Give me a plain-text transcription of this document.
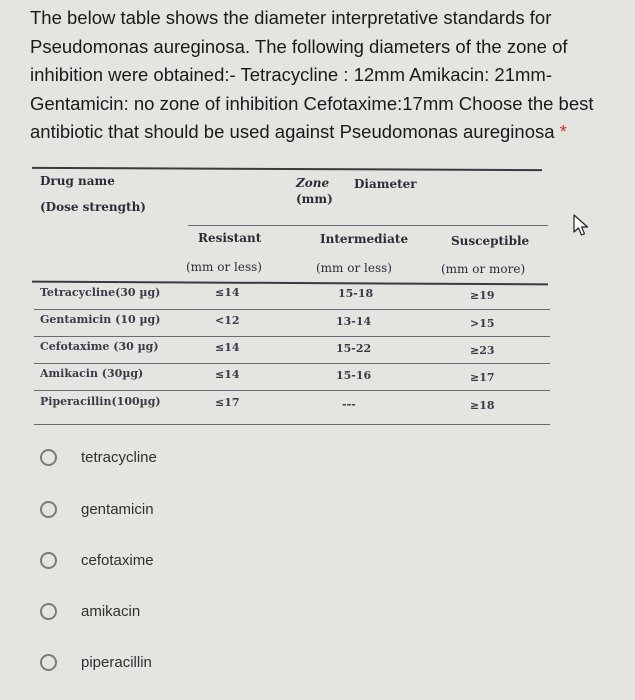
The below table shows the diameter interpretative standards for Pseudomonas aureginosa. The following diameters of the zone of inhibition were obtained:- Tetracycline : 12mm Amikacin: 21mm- Gentamicin: no zone of inhibition Cefotaxime:17mm Choose the best antibiotic that should be used against Pseudomonas aureginosa *
Drug name
(Dose strength)
Zone
(mm)
Diameter
Resistant	Intermediate	Susceptible
(mm or less)	(mm or less)	(mm or more)
Tetracycline(30 µg)	≤14	15-18	≥19
Gentamicin (10 µg)	<12	13-14	>15
Cefotaxime (30 µg)	≤14	15-22	≥23
Amikacin (30µg)	≤14	15-16	≥17
Piperacillin(100µg)	≤17	---	≥18
tetracycline
gentamicin
cefotaxime
amikacin
piperacillin
